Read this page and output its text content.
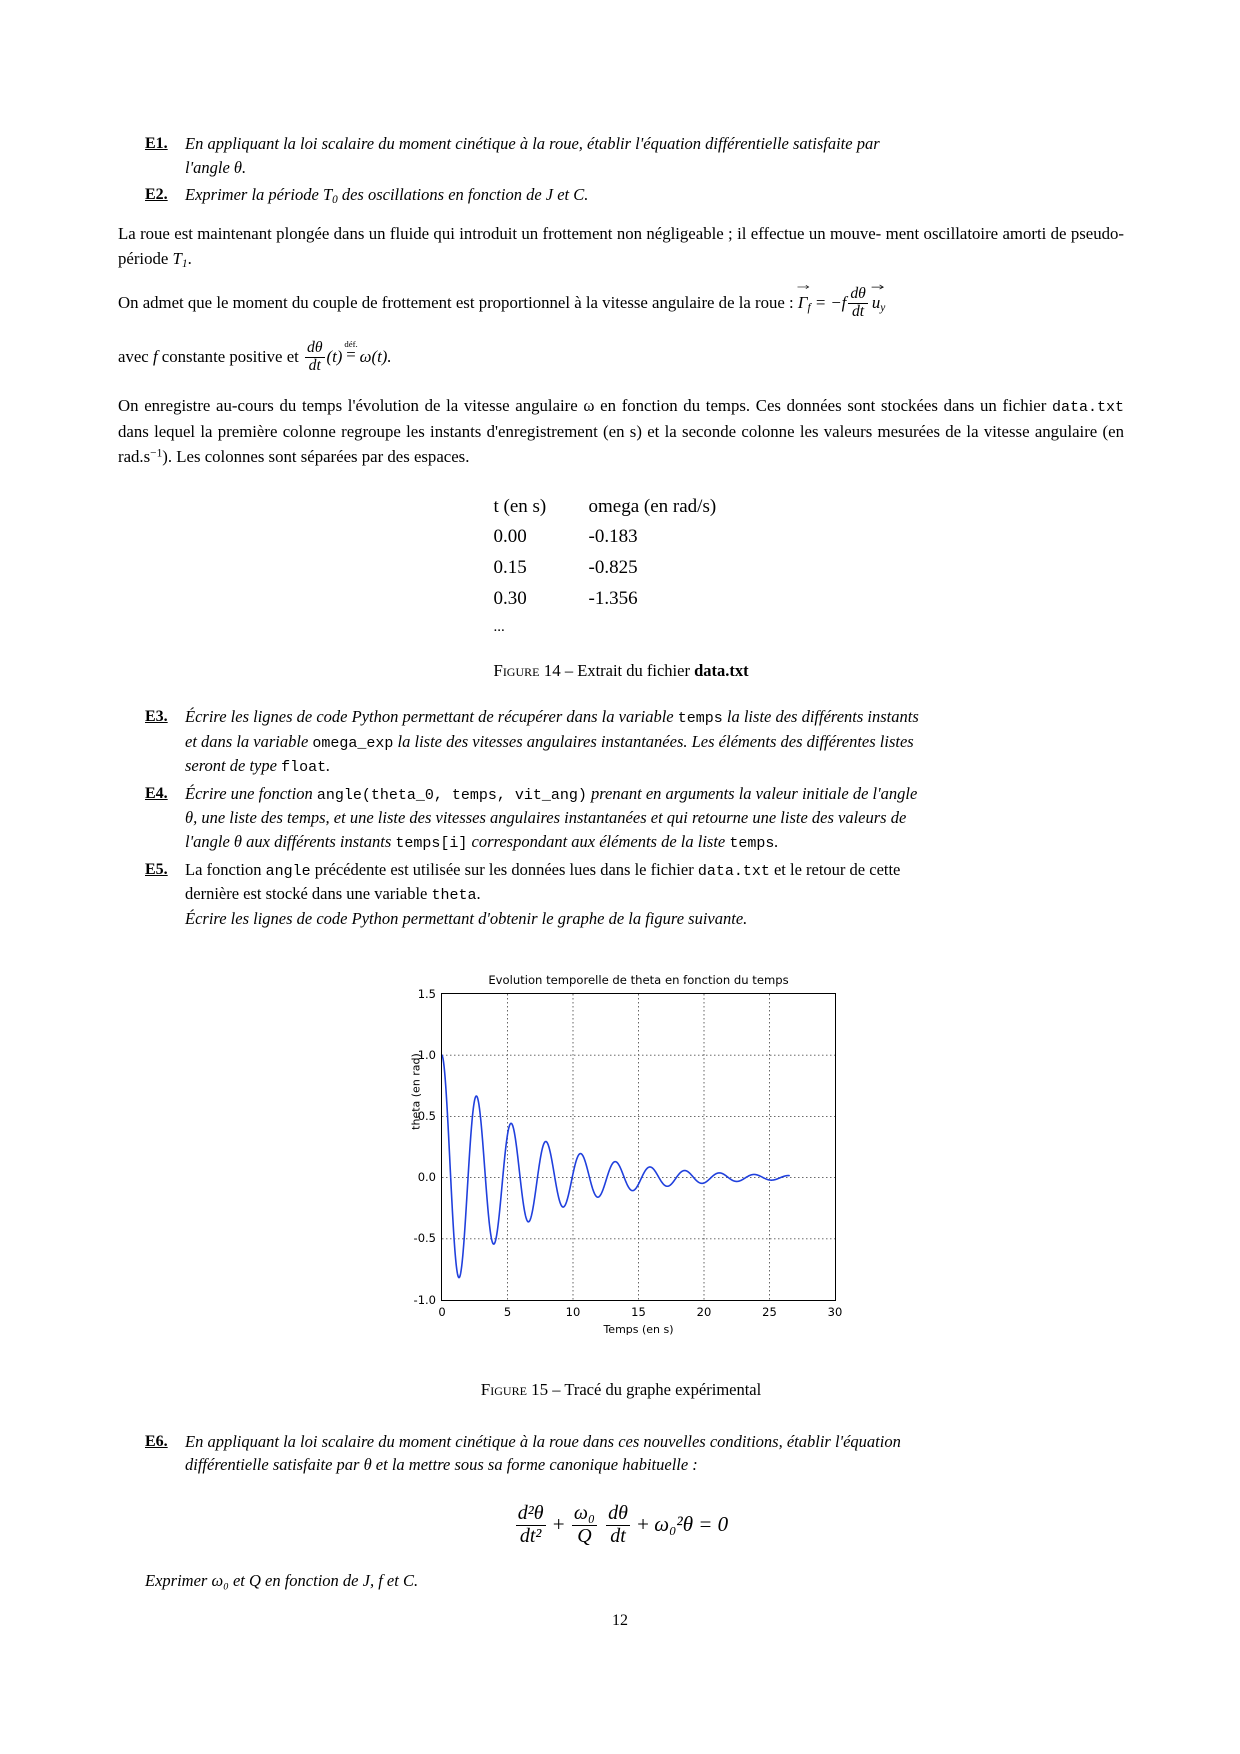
E1.	En appliquant la loi scalaire du moment cinétique à la roue, établir l'équation différentielle satisfaite par
l'angle θ.
E2.	Exprimer la période $T_0$ des oscillations en fonction de J et C.

La roue est maintenant plongée dans un fluide qui introduit un frottement non négligeable ; il effectue un mouve- ment oscillatoire amorti de pseudo-période $T_1$.

On admet que le moment du couple de frottement est proportionnel à la vitesse angulaire de la roue : $\Gamma_f = -f \frac{d\theta}{dt} u_y$

avec f constante positive et $\frac{d\theta}{dt} (t)$
déf.
= ω(t).

On enregistre au-cours du temps l'évolution de la vitesse angulaire ω en fonction du temps. Ces données sont stockées dans un fichier data.txt dans lequel la première colonne regroupe les instants d'enregistrement (en s) et la seconde colonne les valeurs mesurées de la vitesse angulaire (en $rad.s^{-1}$). Les colonnes sont séparées par des espaces.

t (en s)	omega (en rad/s)
0.00	-0.183
0.15	-0.825
0.30	-1.356
...
Figure 14 – Extrait du fichier data.txt
E3.	Écrire les lignes de code Python permettant de récupérer dans la variable temps la liste des différents instants
et dans la variable omega_exp la liste des vitesses angulaires instantanées. Les éléments des différentes listes
seront de type float.
E4.	Écrire une fonction angle(theta_0, temps, vit_ang) prenant en arguments la valeur initiale de l'angle
θ, une liste des temps, et une liste des vitesses angulaires instantanées et qui retourne une liste des valeurs de
l'angle θ aux différents instants temps[i] correspondant aux éléments de la liste temps.
E5.	La fonction angle précédente est utilisée sur les données lues dans le fichier data.txt et le retour de cette
dernière est stocké dans une variable theta.
Écrire les lignes de code Python permettant d'obtenir le graphe de la figure suivante.
Evolution temporelle de theta en fonction du temps
theta (en rad)
Temps (en s)
-1.0
-0.5
0.0
0.5
1.0
1.5
0	5	10	15	20	25	30
Figure 15 – Tracé du graphe expérimental
E6.	En appliquant la loi scalaire du moment cinétique à la roue dans ces nouvelles conditions, établir l'équation
différentielle satisfaite par θ et la mettre sous sa forme canonique habituelle :
$\frac{\text{d²θ}}{\text{dt²}} + \frac{\text{ω₀}}{Q}$
$\frac{d\theta}{dt} + \omega_0^2\theta = 0$
Exprimer ω₀ et Q en fonction de J, f et C.
12
